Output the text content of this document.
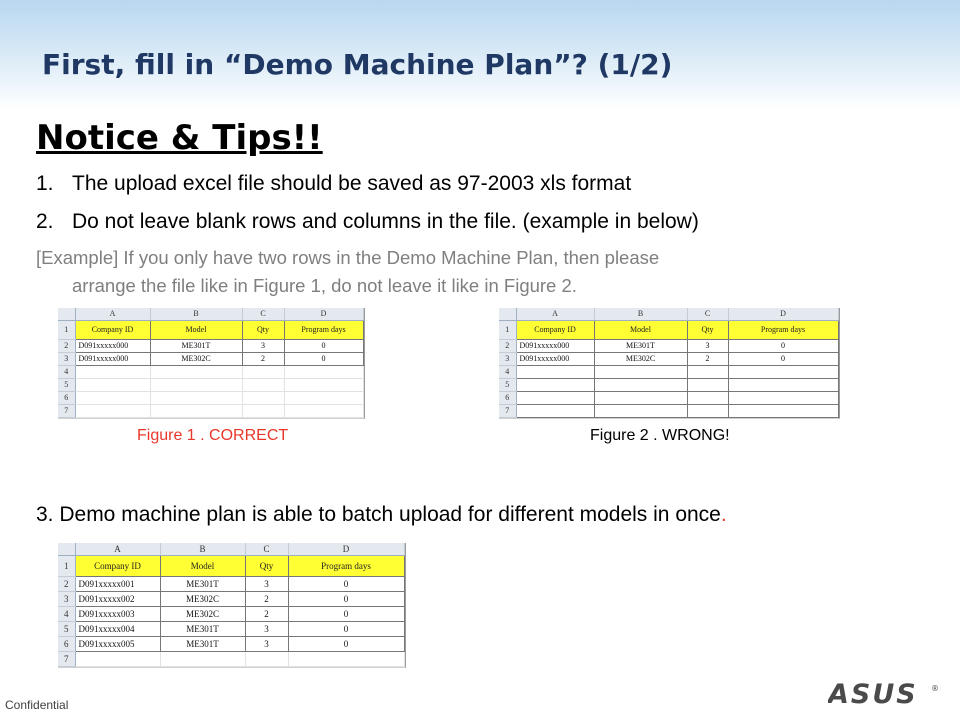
First, fill in “Demo Machine Plan”? (1/2)
Notice & Tips!!
1. The upload excel file should be saved as 97-2003 xls format
2. Do not leave blank rows and columns in the file. (example in below)
[Example] If you only have two rows in the Demo Machine Plan, then please
arrange the file like in Figure 1, do not leave it like in Figure 2.
	A	B	C	D
1	Company ID	Model	Qty	Program days
2	D091xxxxx000	ME301T	3	0
3	D091xxxxx000	ME302C	2	0
4				
5				
6				
7				
Figure 1 . CORRECT
	A	B	C	D
1	Company ID	Model	Qty	Program days
2	D091xxxxx000	ME301T	3	0
3	D091xxxxx000	ME302C	2	0
4				
5				
6				
7				
Figure 2 . WRONG!
3. Demo machine plan is able to batch upload for different models in once.
	A	B	C	D
1	Company ID	Model	Qty	Program days
2	D091xxxxx001	ME301T	3	0
3	D091xxxxx002	ME302C	2	0
4	D091xxxxx003	ME302C	2	0
5	D091xxxxx004	ME301T	3	0
6	D091xxxxx005	ME301T	3	0
7				
Confidential	ASUS ®
